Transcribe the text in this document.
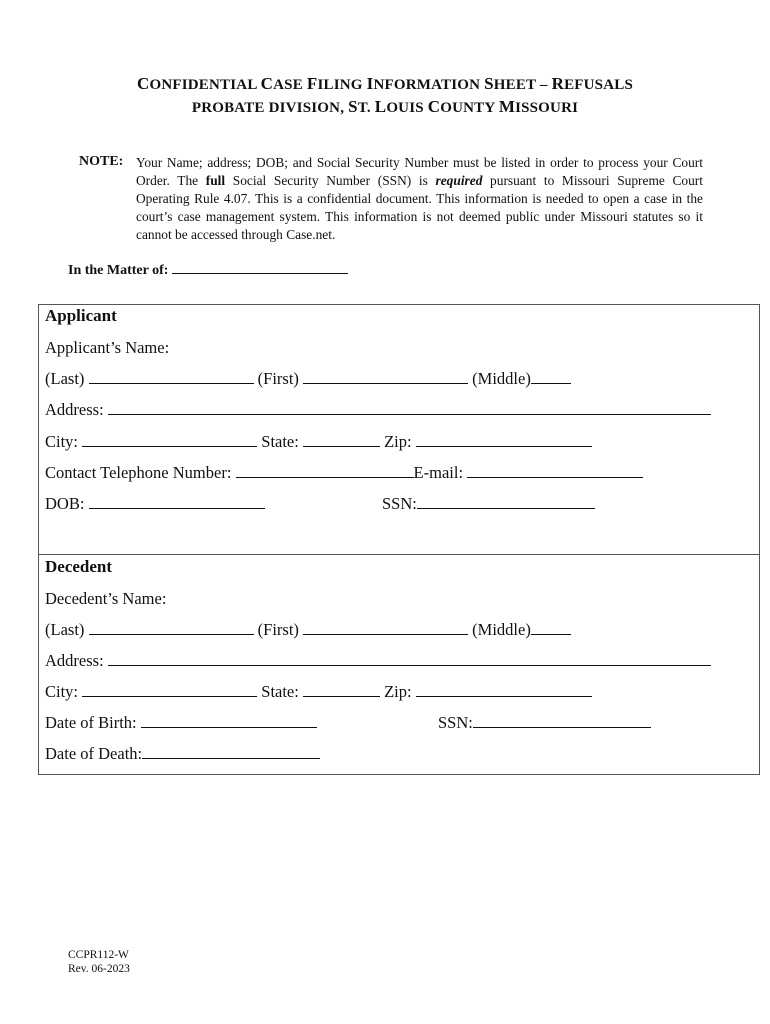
CONFIDENTIAL CASE FILING INFORMATION SHEET – REFUSALS
PROBATE DIVISION, ST. LOUIS COUNTY MISSOURI
NOTE: Your Name; address; DOB; and Social Security Number must be listed in order to process your Court Order. The full Social Security Number (SSN) is required pursuant to Missouri Supreme Court Operating Rule 4.07. This is a confidential document. This information is needed to open a case in the court’s case management system. This information is not deemed public under Missouri statutes so it cannot be accessed through Case.net.
In the Matter of:
Applicant
Applicant’s Name:
(Last)	(First)	(Middle)
Address:
City:	State:	Zip:
Contact Telephone Number:	E-mail:
DOB:	SSN:
Decedent
Decedent’s Name:
(Last)	(First)	(Middle)
Address:
City:	State:	Zip:
Date of Birth:	SSN:
Date of Death:
CCPR112-W
Rev. 06-2023
